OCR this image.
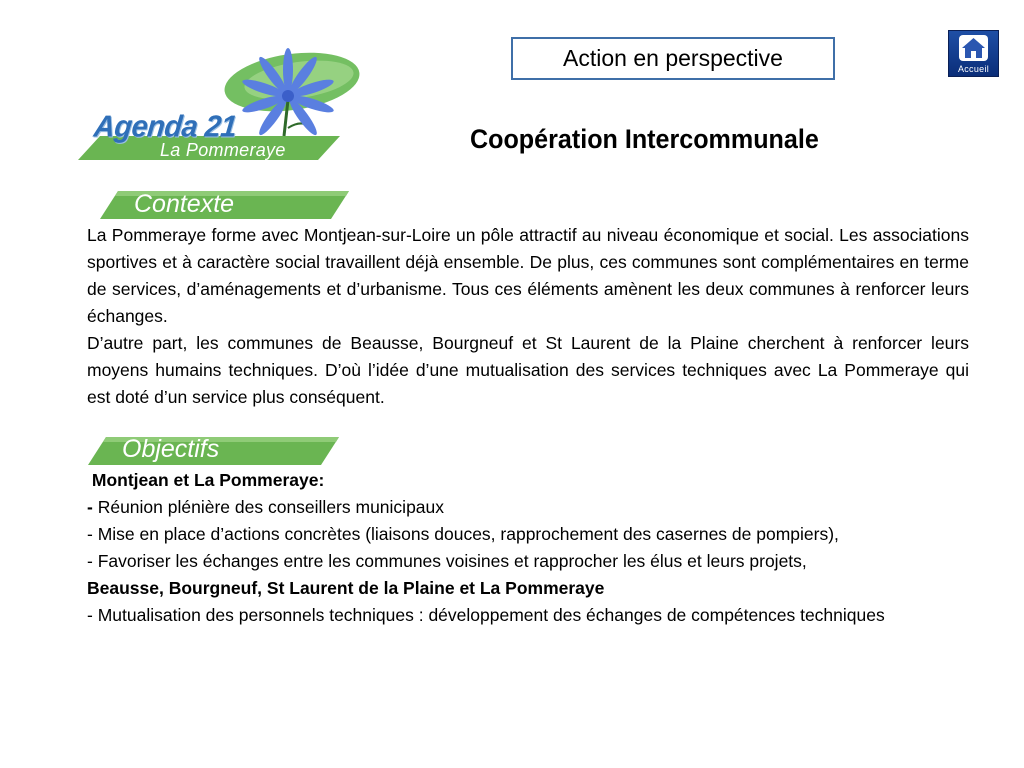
Agenda 21
La Pommeraye
Action en perspective	Accueil
Coopération Intercommunale
Contexte

La Pommeraye forme avec Montjean-sur-Loire un pôle attractif au niveau économique et social. Les associations sportives et à caractère social travaillent déjà ensemble. De plus, ces communes sont complémentaires en terme de services, d’aménagements et d’urbanisme. Tous ces éléments amènent les deux communes à renforcer leurs échanges.

D’autre part, les communes de Beausse, Bourgneuf et St Laurent de la Plaine cherchent à renforcer leurs moyens humains techniques. D’où l’idée d’une mutualisation des services techniques avec La Pommeraye qui est doté d’un service plus conséquent.

Objectifs
Montjean et La Pommeraye:
- Réunion plénière des conseillers municipaux
- Mise en place d’actions concrètes (liaisons douces, rapprochement des casernes de pompiers),
- Favoriser les échanges entre les communes voisines et rapprocher les élus et leurs projets,
Beausse, Bourgneuf, St Laurent de la Plaine et La Pommeraye
- Mutualisation des personnels techniques : développement des échanges de compétences techniques
